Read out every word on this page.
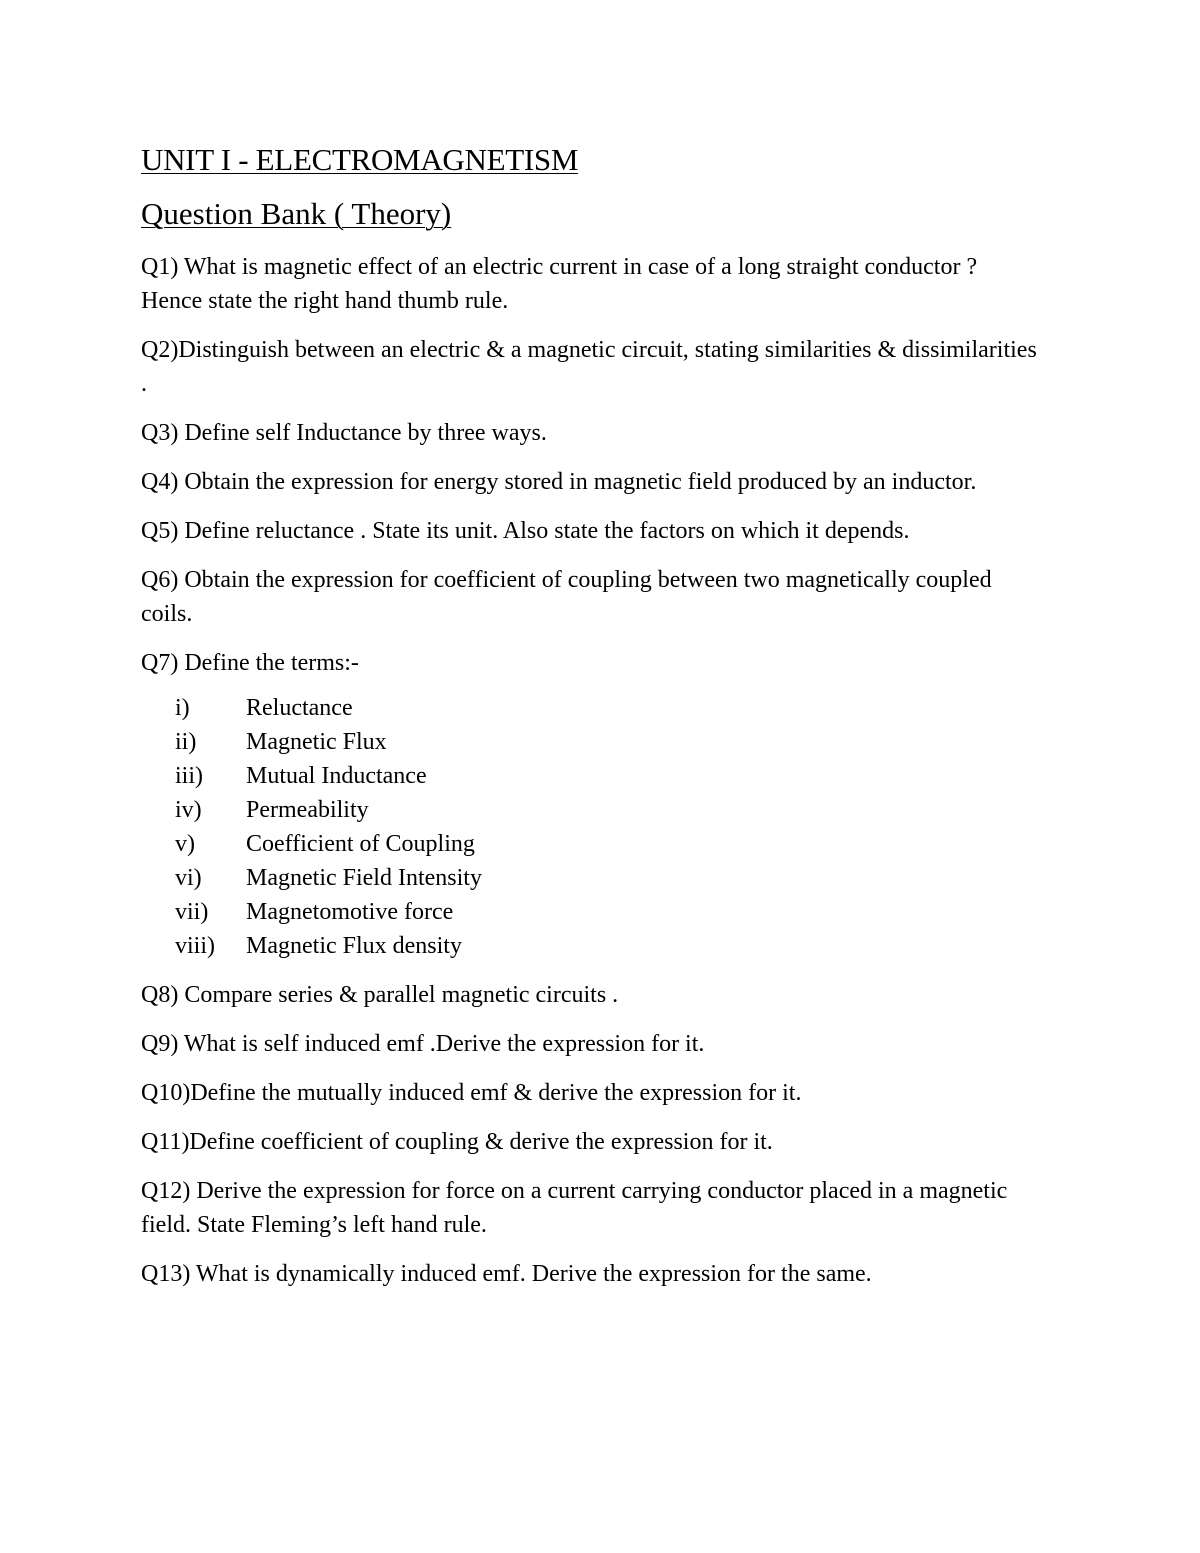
UNIT I - ELECTROMAGNETISM
Question Bank ( Theory)

Q1) What is magnetic effect of an electric current in case of a long straight conductor ? Hence state the right hand thumb rule.

Q2)Distinguish between an electric & a magnetic circuit, stating similarities & dissimilarities .

Q3) Define self Inductance by three ways.

Q4) Obtain the expression for energy stored in magnetic field produced by an inductor.

Q5) Define reluctance . State its unit. Also state the factors on which it depends.

Q6) Obtain the expression for coefficient of coupling between two magnetically coupled coils.

Q7) Define the terms:-

i)	Reluctance
ii)	Magnetic Flux
iii)	Mutual Inductance
iv)	Permeability
v)	Coefficient of Coupling
vi)	Magnetic Field Intensity
vii)	Magnetomotive force
viii)	Magnetic Flux density

Q8) Compare series & parallel magnetic circuits .

Q9) What is self induced emf .Derive the expression for it.

Q10)Define the mutually induced emf & derive the expression for it.

Q11)Define coefficient of coupling & derive the expression for it.

Q12) Derive the expression for force on a current carrying conductor placed in a magnetic field. State Fleming’s left hand rule.

Q13) What is dynamically induced emf. Derive the expression for the same.
